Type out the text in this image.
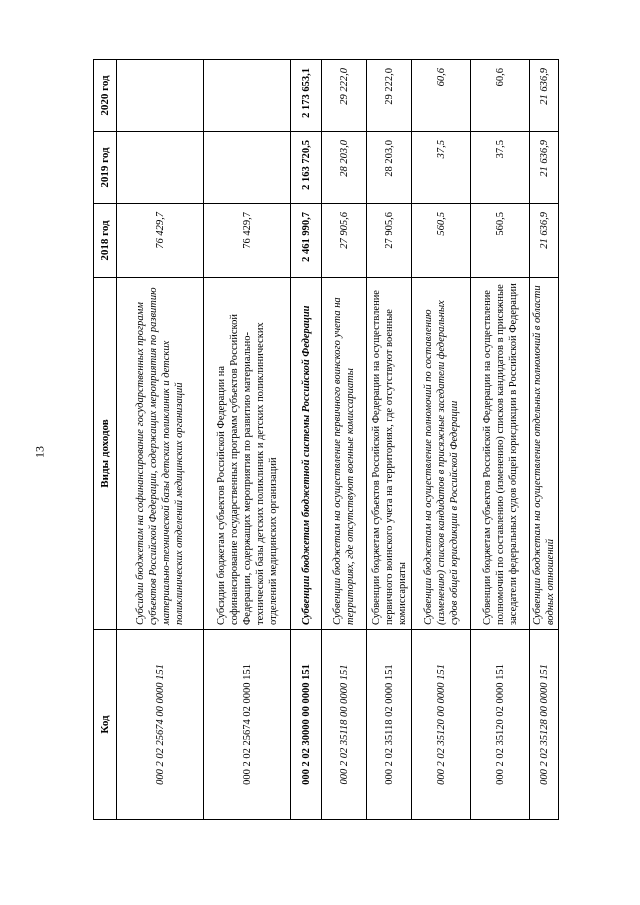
13
Код	Виды доходов	2018 год	2019 год	2020 год
000 2 02 25674 00 0000 151	Субсидии бюджетам на софинансирование государственных программ субъектов Российской Федерации, содержащих мероприятия по развитию материально-технической базы детских поликлиник и детских поликлинических отделений медицинских организаций	76 429,7		
000 2 02 25674 02 0000 151	Субсидии бюджетам субъектов Российской Федерации на софинансирование государственных программ субъектов Российской Федерации, содержащих мероприятия по развитию материально-технической базы детских поликлиник и детских поликлинических отделений медицинских организаций	76 429,7		
000 2 02 30000 00 0000 151	Субвенции бюджетам бюджетной системы Российской Федерации	2 461 990,7	2 163 720,5	2 173 653,1
000 2 02 35118 00 0000 151	Субвенции бюджетам на осуществление первичного воинского учета на территориях, где отсутствуют военные комиссариаты	27 905,6	28 203,0	29 222,0
000 2 02 35118 02 0000 151	Субвенции бюджетам субъектов Российской Федерации на осуществление первичного воинского учета на территориях, где отсутствуют военные комиссариаты	27 905,6	28 203,0	29 222,0
000 2 02 35120 00 0000 151	Субвенции бюджетам на осуществление полномочий по составлению (изменению) списков кандидатов в присяжные заседатели федеральных судов общей юрисдикции в Российской Федерации	560,5	37,5	60,6
000 2 02 35120 02 0000 151	Субвенции бюджетам субъектов Российской Федерации на осуществление полномочий по составлению (изменению) списков кандидатов в присяжные заседатели федеральных судов общей юрисдикции в Российской Федерации	560,5	37,5	60,6
000 2 02 35128 00 0000 151	Субвенции бюджетам на осуществление отдельных полномочий в области водных отношений	21 636,9	21 636,9	21 636,9
